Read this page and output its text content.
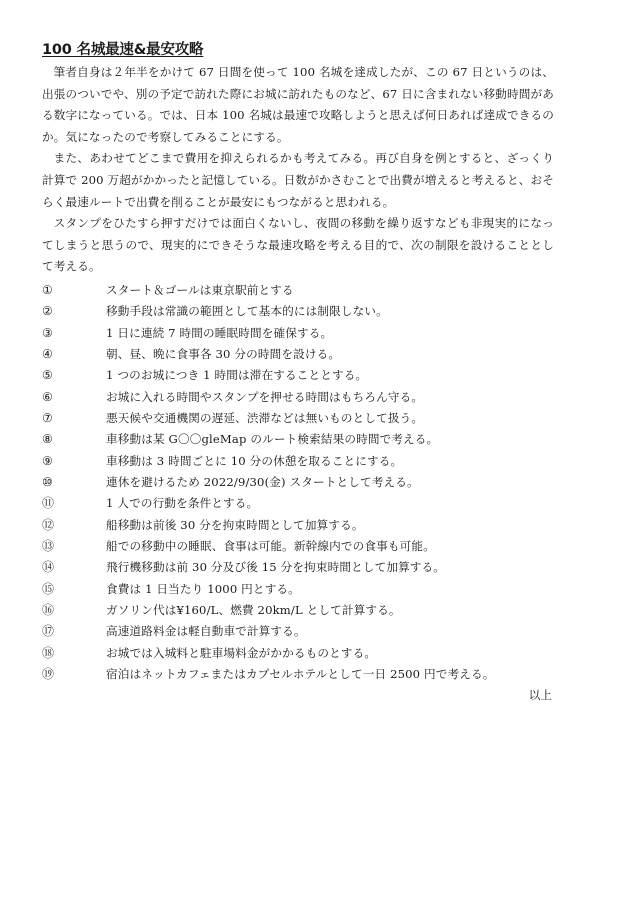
100 名城最速&最安攻略

筆者自身は２年半をかけて 67 日間を使って 100 名城を達成したが、この 67 日というのは、出張のついでや、別の予定で訪れた際にお城に訪れたものなど、67 日に含まれない移動時間がある数字になっている。では、日本 100 名城は最速で攻略しようと思えば何日あれば達成できるのか。気になったので考察してみることにする。

また、あわせてどこまで費用を抑えられるかも考えてみる。再び自身を例とすると、ざっくり計算で 200 万超がかかったと記憶している。日数がかさむことで出費が増えると考えると、おそらく最速ルートで出費を削ることが最安にもつながると思われる。

スタンプをひたすら押すだけでは面白くないし、夜間の移動を繰り返すなども非現実的になってしまうと思うので、現実的にできそうな最速攻略を考える目的で、次の制限を設けることとして考える。

①	スタート＆ゴールは東京駅前とする
②	移動手段は常識の範囲として基本的には制限しない。
③	1 日に連続 7 時間の睡眠時間を確保する。
④	朝、昼、晩に食事各 30 分の時間を設ける。
⑤	1 つのお城につき 1 時間は滞在することとする。
⑥	お城に入れる時間やスタンプを押せる時間はもちろん守る。
⑦	悪天候や交通機関の遅延、渋滞などは無いものとして扱う。
⑧	車移動は某 G〇〇gleMap のルート検索結果の時間で考える。
⑨	車移動は 3 時間ごとに 10 分の休憩を取ることにする。
⑩	連休を避けるため 2022/9/30(金) スタートとして考える。
⑪	1 人での行動を条件とする。
⑫	船移動は前後 30 分を拘束時間として加算する。
⑬	船での移動中の睡眠、食事は可能。新幹線内での食事も可能。
⑭	飛行機移動は前 30 分及び後 15 分を拘束時間として加算する。
⑮	食費は 1 日当たり 1000 円とする。
⑯	ガソリン代は¥160/L、燃費 20km/L として計算する。
⑰	高速道路料金は軽自動車で計算する。
⑱	お城では入城料と駐車場料金がかかるものとする。
⑲	宿泊はネットカフェまたはカプセルホテルとして一日 2500 円で考える。

以上
